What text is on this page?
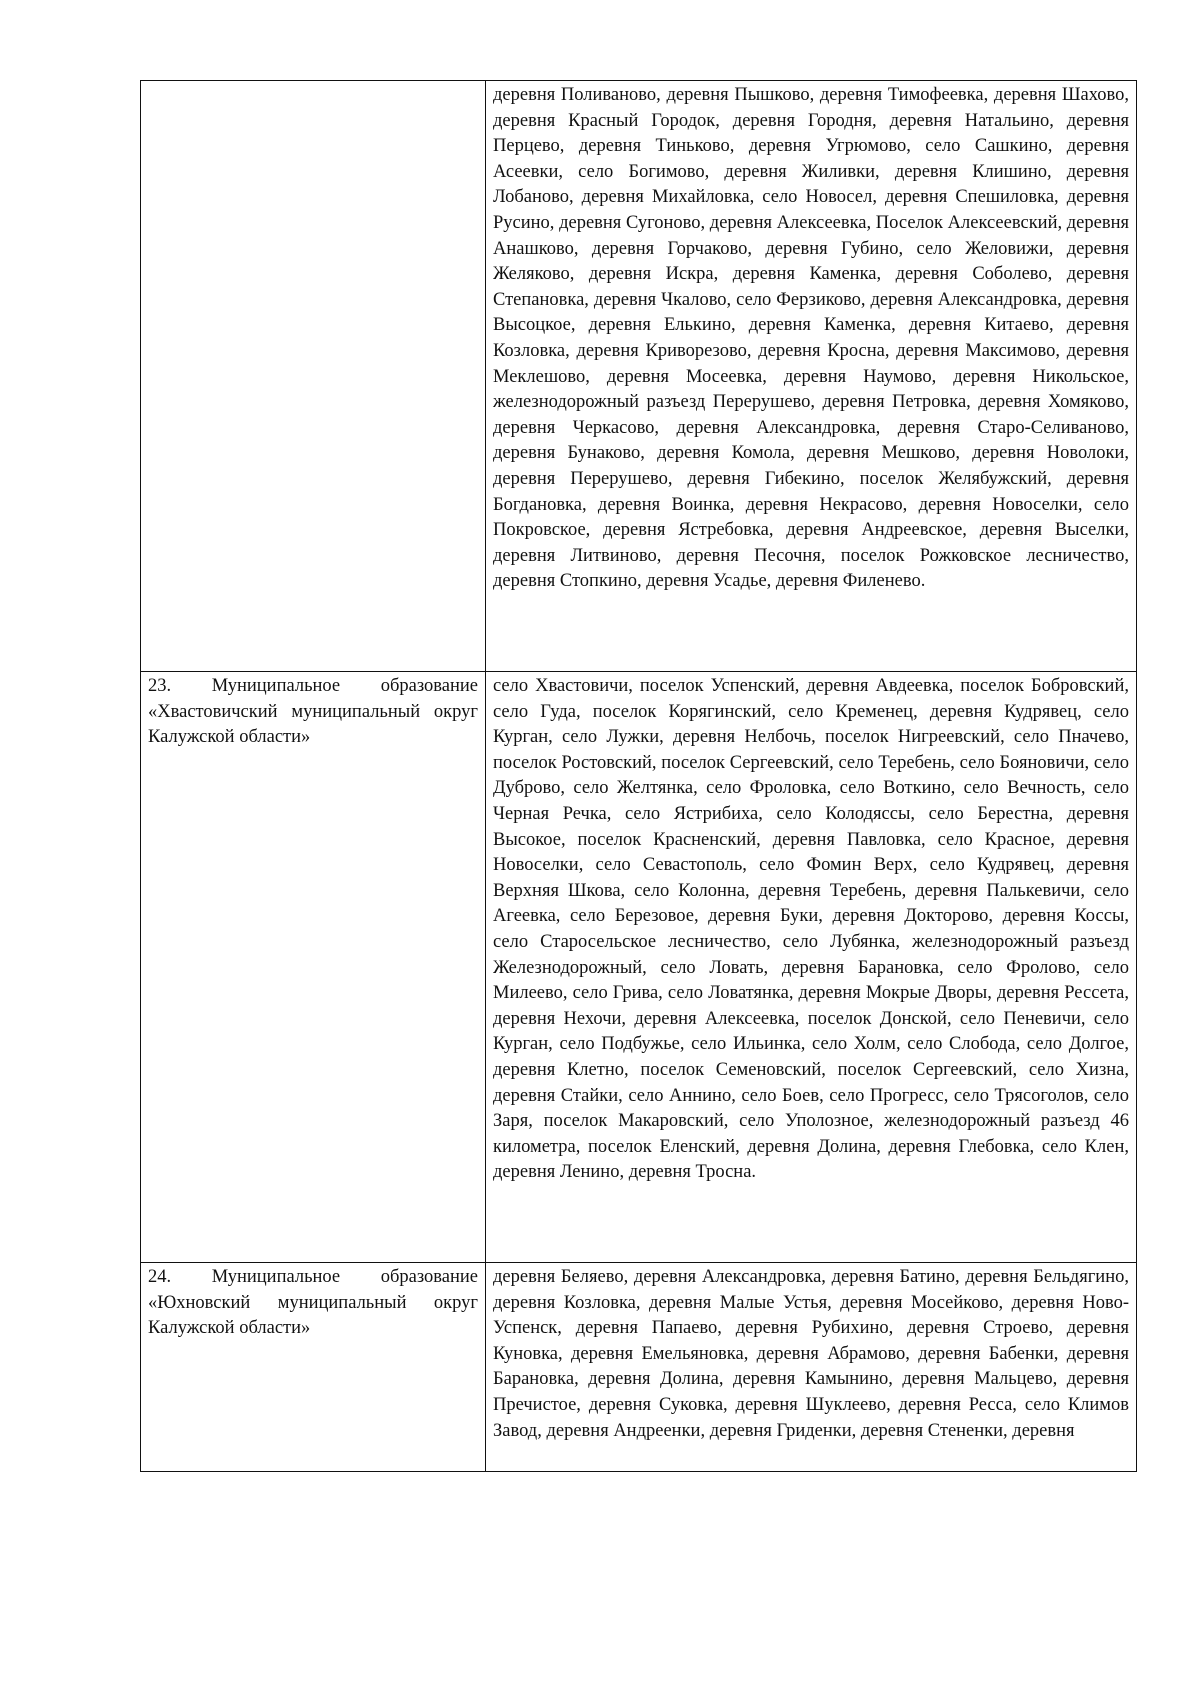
	деревня Поливаново, деревня Пышково, деревня Тимофеевка, деревня Шахово, деревня Красный Городок, деревня Городня, деревня Натальино, деревня Перцево, деревня Тиньково, деревня Угрюмово, село Сашкино, деревня Асеевки, село Богимово, деревня Жиливки, деревня Клишино, деревня Лобаново, деревня Михайловка, село Новосел, деревня Спешиловка, деревня Русино, деревня Сугоново, деревня Алексеевка, Поселок Алексеевский, деревня Анашково, деревня Горчаково, деревня Губино, село Желовижи, деревня Желяково, деревня Искра, деревня Каменка, деревня Соболево, деревня Степановка, деревня Чкалово, село Ферзиково, деревня Александровка, деревня Высоцкое, деревня Елькино, деревня Каменка, деревня Китаево, деревня Козловка, деревня Криворезово, деревня Кросна, деревня Максимово, деревня Меклешово, деревня Мосеевка, деревня Наумово, деревня Никольское, железнодорожный разъезд Перерушево, деревня Петровка, деревня Хомяково, деревня Черкасово, деревня Александровка, деревня Старо-Селиваново, деревня Бунаково, деревня Комола, деревня Мешково, деревня Новолоки, деревня Перерушево, деревня Гибекино, поселок Желябужский, деревня Богдановка, деревня Воинка, деревня Некрасово, деревня Новоселки, село Покровское, деревня Ястребовка, деревня Андреевское, деревня Выселки, деревня Литвиново, деревня Песочня, поселок Рожковское лесничество, деревня Стопкино, деревня Усадье, деревня Филенево.

23. Муниципальное образование «Хвастовичский муниципальный округ Калужской области»	село Хвастовичи, поселок Успенский, деревня Авдеевка, поселок Бобровский, село Гуда, поселок Корягинский, село Кременец, деревня Кудрявец, село Курган, село Лужки, деревня Нелбочь, поселок Нигреевский, село Пначево, поселок Ростовский, поселок Сергеевский, село Теребень, село Бояновичи, село Дуброво, село Желтянка, село Фроловка, село Воткино, село Вечность, село Черная Речка, село Ястрибиха, село Колодяссы, село Берестна, деревня Высокое, поселок Красненский, деревня Павловка, село Красное, деревня Новоселки, село Севастополь, село Фомин Верх, село Кудрявец, деревня Верхняя Шкова, село Колонна, деревня Теребень, деревня Палькевичи, село Агеевка, село Березовое, деревня Буки, деревня Докторово, деревня Коссы, село Старосельское лесничество, село Лубянка, железнодорожный разъезд Железнодорожный, село Ловать, деревня Барановка, село Фролово, село Милеево, село Грива, село Ловатянка, деревня Мокрые Дворы, деревня Рессета, деревня Нехочи, деревня Алексеевка, поселок Донской, село Пеневичи, село Курган, село Подбужье, село Ильинка, село Холм, село Слобода, село Долгое, деревня Клетно, поселок Семеновский, поселок Сергеевский, село Хизна, деревня Стайки, село Аннино, село Боев, село Прогресс, село Трясоголов, село Заря, поселок Макаровский, село Уполозное, железнодорожный разъезд 46 километра, поселок Еленский, деревня Долина, деревня Глебовка, село Клен, деревня Ленино, деревня Тросна.

24. Муниципальное образование «Юхновский муниципальный округ Калужской области»	деревня Беляево, деревня Александровка, деревня Батино, деревня Бельдягино, деревня Козловка, деревня Малые Устья, деревня Мосейково, деревня Ново-Успенск, деревня Папаево, деревня Рубихино, деревня Строево, деревня Куновка, деревня Емельяновка, деревня Абрамово, деревня Бабенки, деревня Барановка, деревня Долина, деревня Камынино, деревня Мальцево, деревня Пречистое, деревня Суковка, деревня Шуклеево, деревня Ресса, село Климов Завод, деревня Андреенки, деревня Гриденки, деревня Стененки, деревня
